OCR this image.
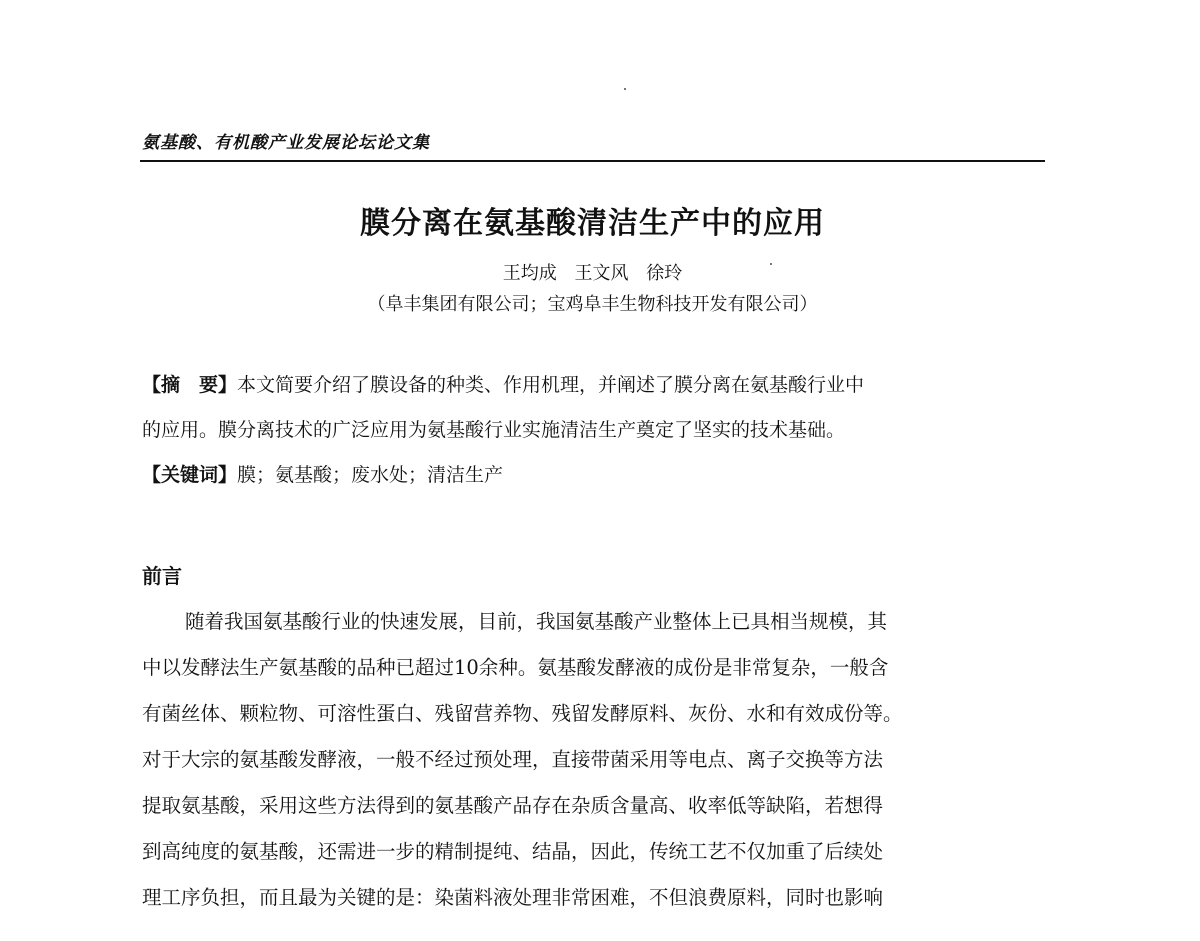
氨基酸、有机酸产业发展论坛论文集
膜分离在氨基酸清洁生产中的应用
王均成 王文风 徐玲
（阜丰集团有限公司；宝鸡阜丰生物科技开发有限公司）
【摘　要】本文简要介绍了膜设备的种类、作用机理，并阐述了膜分离在氨基酸行业中
的应用。膜分离技术的广泛应用为氨基酸行业实施清洁生产奠定了坚实的技术基础。
【关键词】膜；氨基酸；废水处；清洁生产
前言
随着我国氨基酸行业的快速发展，目前，我国氨基酸产业整体上已具相当规模，其
中以发酵法生产氨基酸的品种已超过10余种。氨基酸发酵液的成份是非常复杂，一般含
有菌丝体、颗粒物、可溶性蛋白、残留营养物、残留发酵原料、灰份、水和有效成份等。
对于大宗的氨基酸发酵液，一般不经过预处理，直接带菌采用等电点、离子交换等方法
提取氨基酸，采用这些方法得到的氨基酸产品存在杂质含量高、收率低等缺陷，若想得
到高纯度的氨基酸，还需进一步的精制提纯、结晶，因此，传统工艺不仅加重了后续处
理工序负担，而且最为关键的是：染菌料液处理非常困难，不但浪费原料，同时也影响
